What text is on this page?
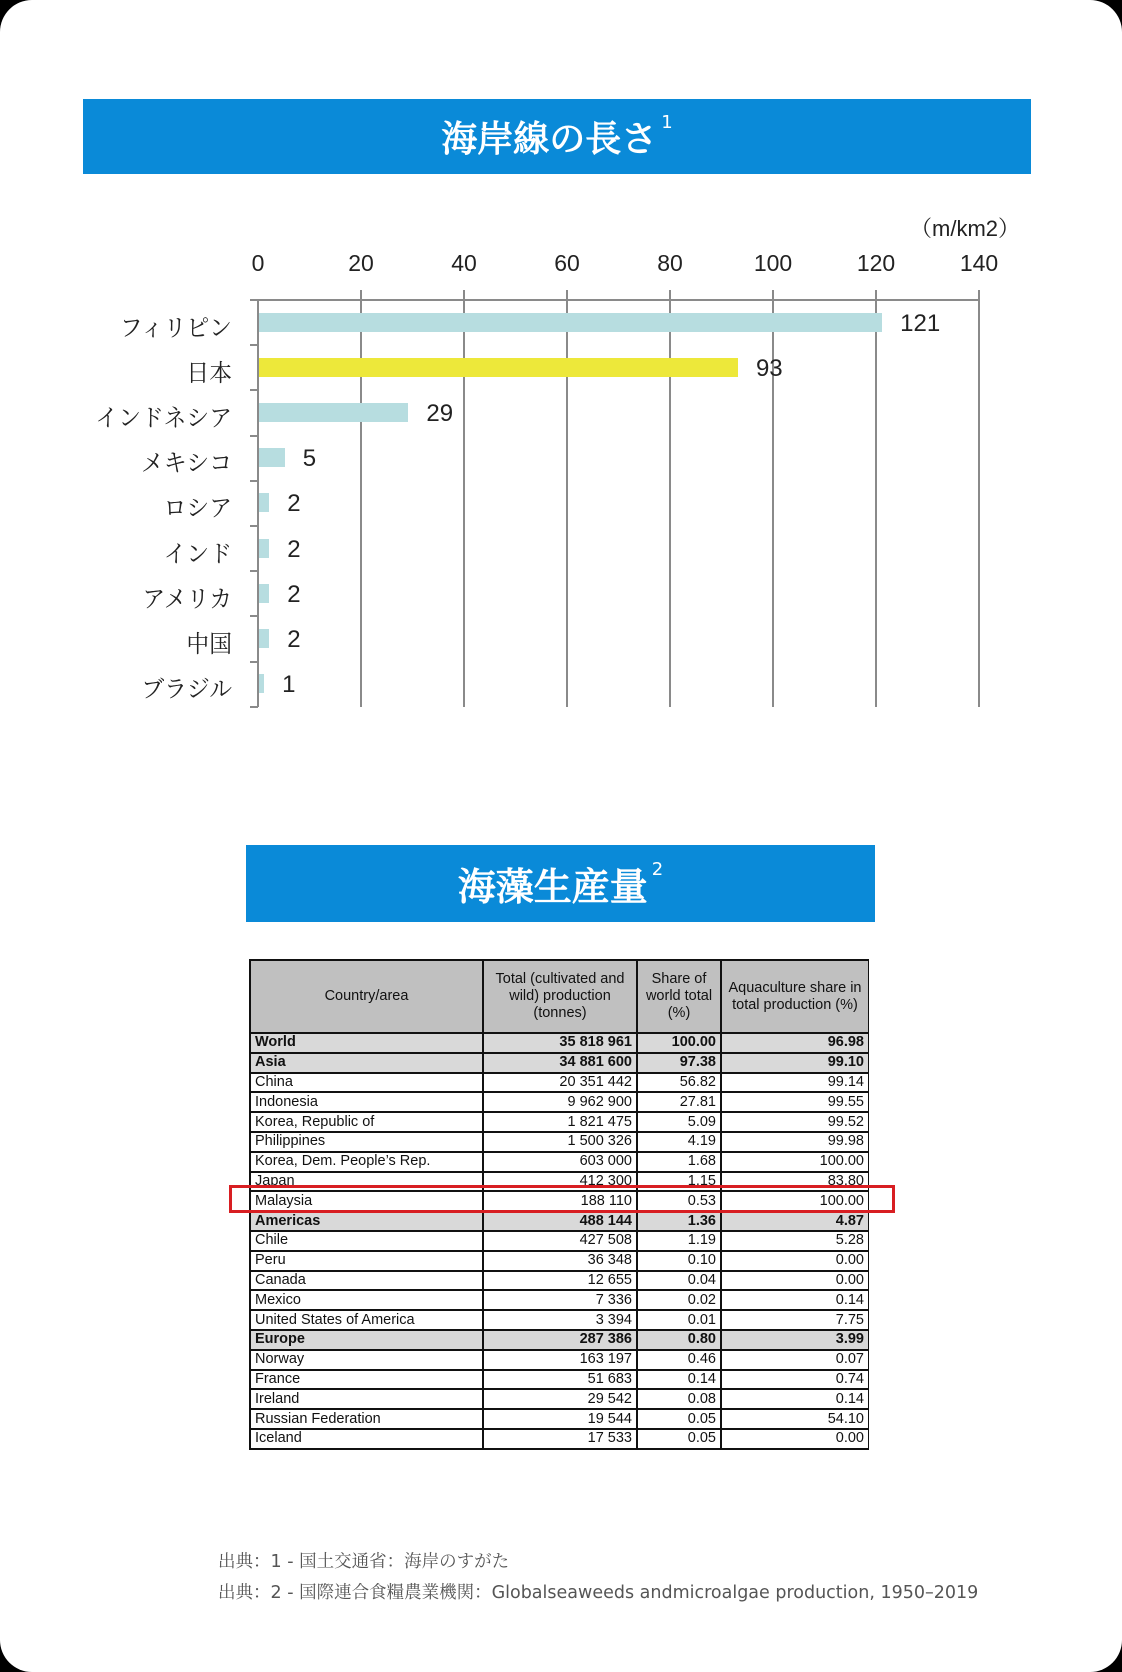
海岸線の長さ$^1$
（m/km2）
0	20	40	60	80	100	120	140
フィリピン	121
日本	93
インドネシア	29
メキシコ	5
ロシア 2
インド 2
アメリカ 2
中国 2
ブラジル 1
海藻生産量$^2$
Country/area	Total (cultivated and wild) production (tonnes)	Share of world total (%)	Aquaculture share in total production (%)
World	35 818 961	100.00	96.98
Asia	34 881 600	97.38	99.10
China	20 351 442	56.82	99.14
Indonesia	9 962 900	27.81	99.55
Korea, Republic of	1 821 475	5.09	99.52
Philippines	1 500 326	4.19	99.98
Korea, Dem. People’s Rep.	603 000	1.68	100.00
Japan	412 300	1.15	83.80
Malaysia	188 110	0.53	100.00
Americas	488 144	1.36	4.87
Chile	427 508	1.19	5.28
Peru	36 348	0.10	0.00
Canada	12 655	0.04	0.00
Mexico	7 336	0.02	0.14
United States of America	3 394	0.01	7.75
Europe	287 386	0.80	3.99
Norway	163 197	0.46	0.07
France	51 683	0.14	0.74
Ireland	29 542	0.08	0.14
Russian Federation	19 544	0.05	54.10
Iceland	17 533	0.05	0.00
出典：1 - 国土交通省：海岸のすがた
出典：2 - 国際連合食糧農業機関：Globalseaweeds andmicroalgae production, 1950–2019
